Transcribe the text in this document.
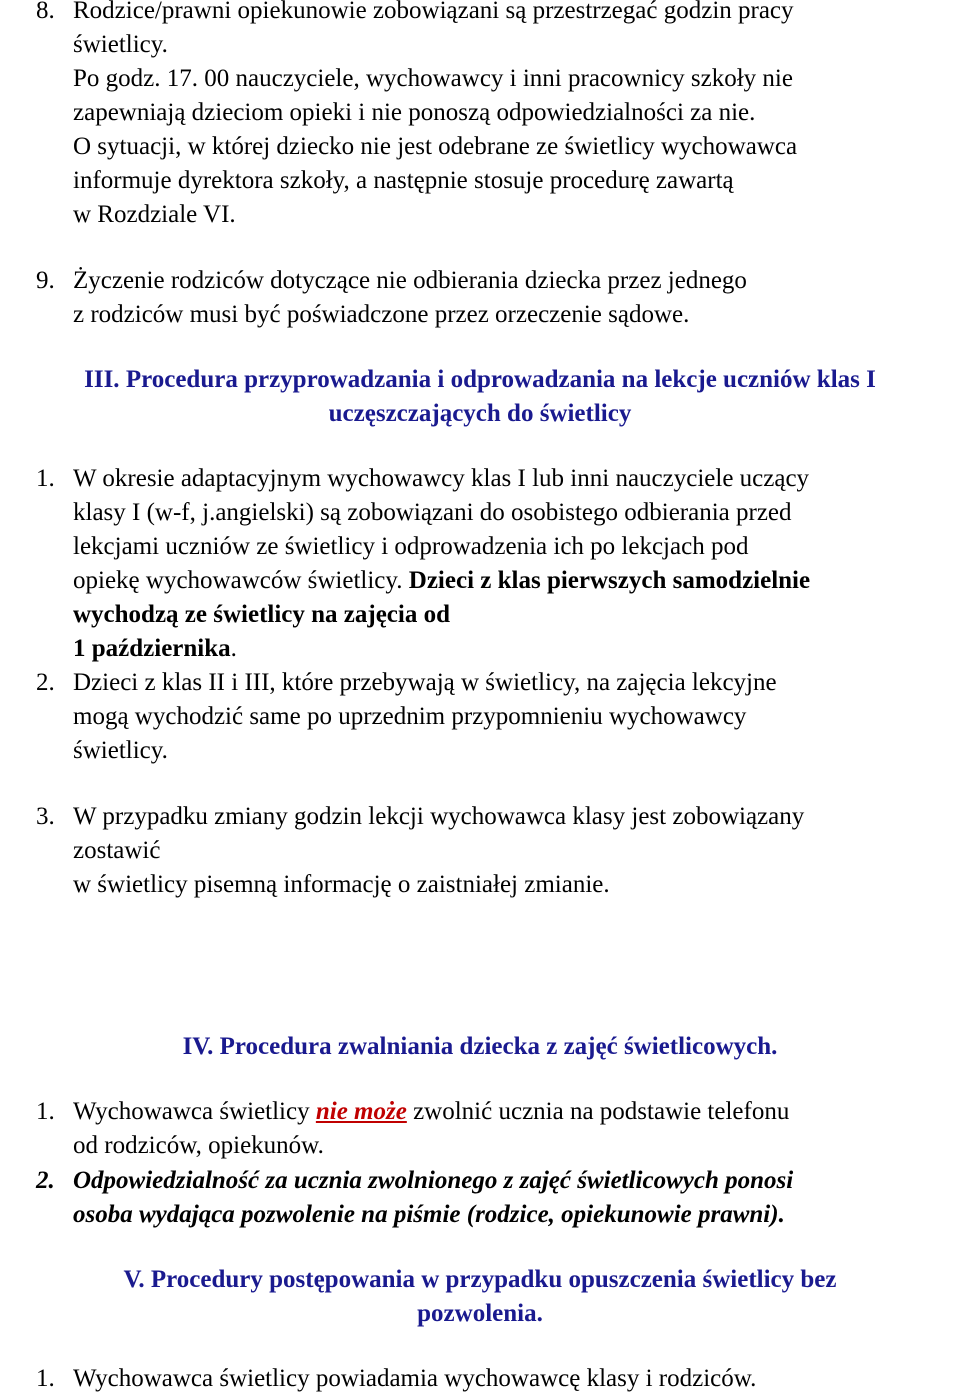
8. Rodzice/prawni opiekunowie zobowiązani są przestrzegać godzin pracy
świetlicy.
Po godz. 17. 00 nauczyciele, wychowawcy i inni pracownicy szkoły nie
zapewniają dzieciom opieki i nie ponoszą odpowiedzialności za nie.
O sytuacji, w której dziecko nie jest odebrane ze świetlicy wychowawca
informuje dyrektora szkoły, a następnie stosuje procedurę zawartą
w Rozdziale VI.
9. Życzenie rodziców dotyczące nie odbierania dziecka przez jednego
z rodziców musi być poświadczone przez orzeczenie sądowe.
III. Procedura przyprowadzania i odprowadzania na lekcje uczniów klas I
uczęszczających do świetlicy
1. W okresie adaptacyjnym wychowawcy klas I lub inni nauczyciele uczący
klasy I (w-f, j.angielski) są zobowiązani do osobistego odbierania przed
lekcjami uczniów ze świetlicy i odprowadzenia ich po lekcjach pod
opiekę wychowawców świetlicy. Dzieci z klas pierwszych samodzielnie
wychodzą ze świetlicy na zajęcia od
1 października.
2. Dzieci z klas II i III, które przebywają w świetlicy, na zajęcia lekcyjne
mogą wychodzić same po uprzednim przypomnieniu wychowawcy
świetlicy.
3. W przypadku zmiany godzin lekcji wychowawca klasy jest zobowiązany
zostawić
w świetlicy pisemną informację o zaistniałej zmianie.
IV. Procedura zwalniania dziecka z zajęć świetlicowych.
1. Wychowawca świetlicy nie może zwolnić ucznia na podstawie telefonu
od rodziców, opiekunów.
2. Odpowiedzialność za ucznia zwolnionego z zajęć świetlicowych ponosi
osoba wydająca pozwolenie na piśmie (rodzice, opiekunowie prawni).
V. Procedury postępowania w przypadku opuszczenia świetlicy bez
pozwolenia.
1. Wychowawca świetlicy powiadamia wychowawcę klasy i rodziców.
